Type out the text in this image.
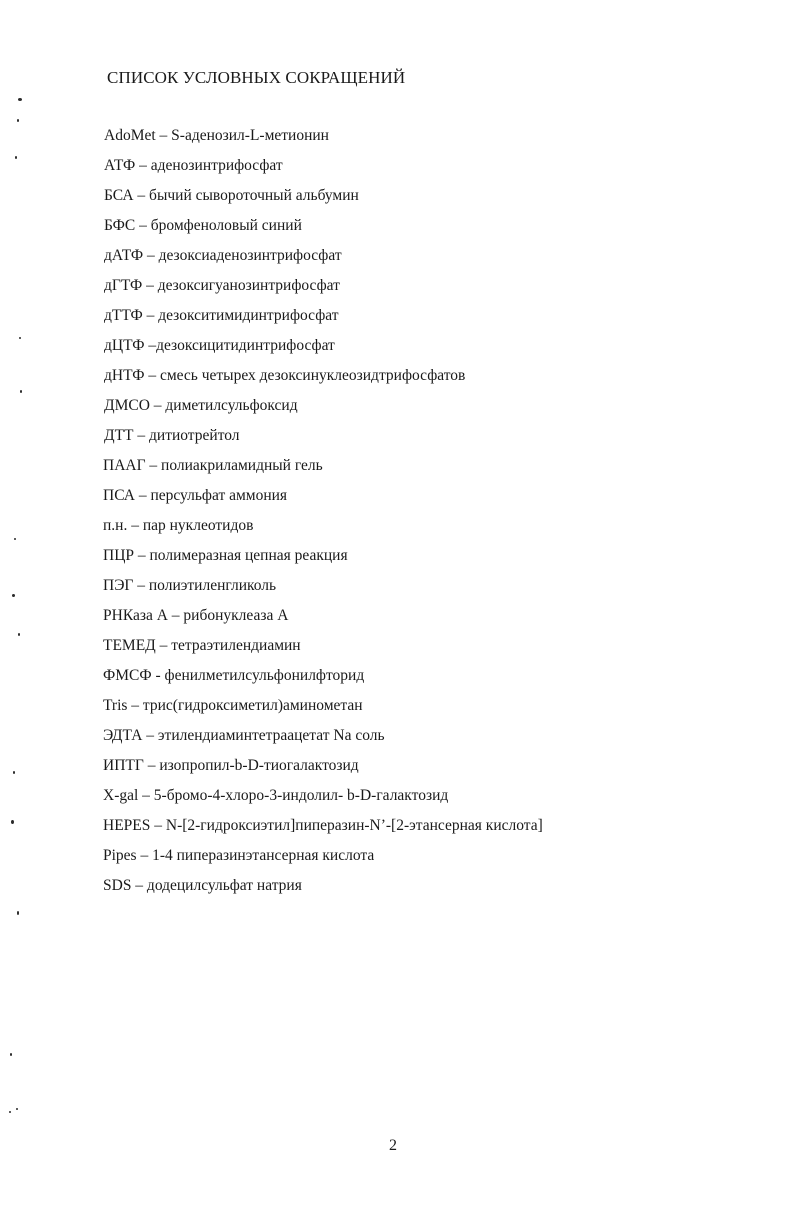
СПИСОК УСЛОВНЫХ СОКРАЩЕНИЙ
AdoMet – S-аденозил-L-метионин
АТФ – аденозинтрифосфат
БСА – бычий сывороточный альбумин
БФС – бромфеноловый синий
дАТФ – дезоксиаденозинтрифосфат
дГТФ – дезоксигуанозинтрифосфат
дТТФ – дезокситимидинтрифосфат
дЦТФ –дезоксицитидинтрифосфат
дНТФ – смесь четырех дезоксинуклеозидтрифосфатов
ДМСО – диметилсульфоксид
ДТТ – дитиотрейтол
ПААГ – полиакриламидный гель
ПСА – персульфат аммония
п.н. – пар нуклеотидов
ПЦР – полимеразная цепная реакция
ПЭГ – полиэтиленгликоль
РНКаза А – рибонуклеаза А
ТЕМЕД – тетраэтилендиамин
ФМСФ - фенилметилсульфонилфторид
Tris – трис(гидроксиметил)аминометан
ЭДТА – этилендиаминтетраацетат Na соль
ИПТГ – изопропил-b-D-тиогалактозид
X-gal – 5-бромо-4-хлоро-3-индолил- b-D-галактозид
HEPES – N-[2-гидроксиэтил]пиперазин-N’-[2-этансерная кислота]
Pipes – 1-4 пиперазинэтансерная кислота
SDS – додецилсульфат натрия
2
